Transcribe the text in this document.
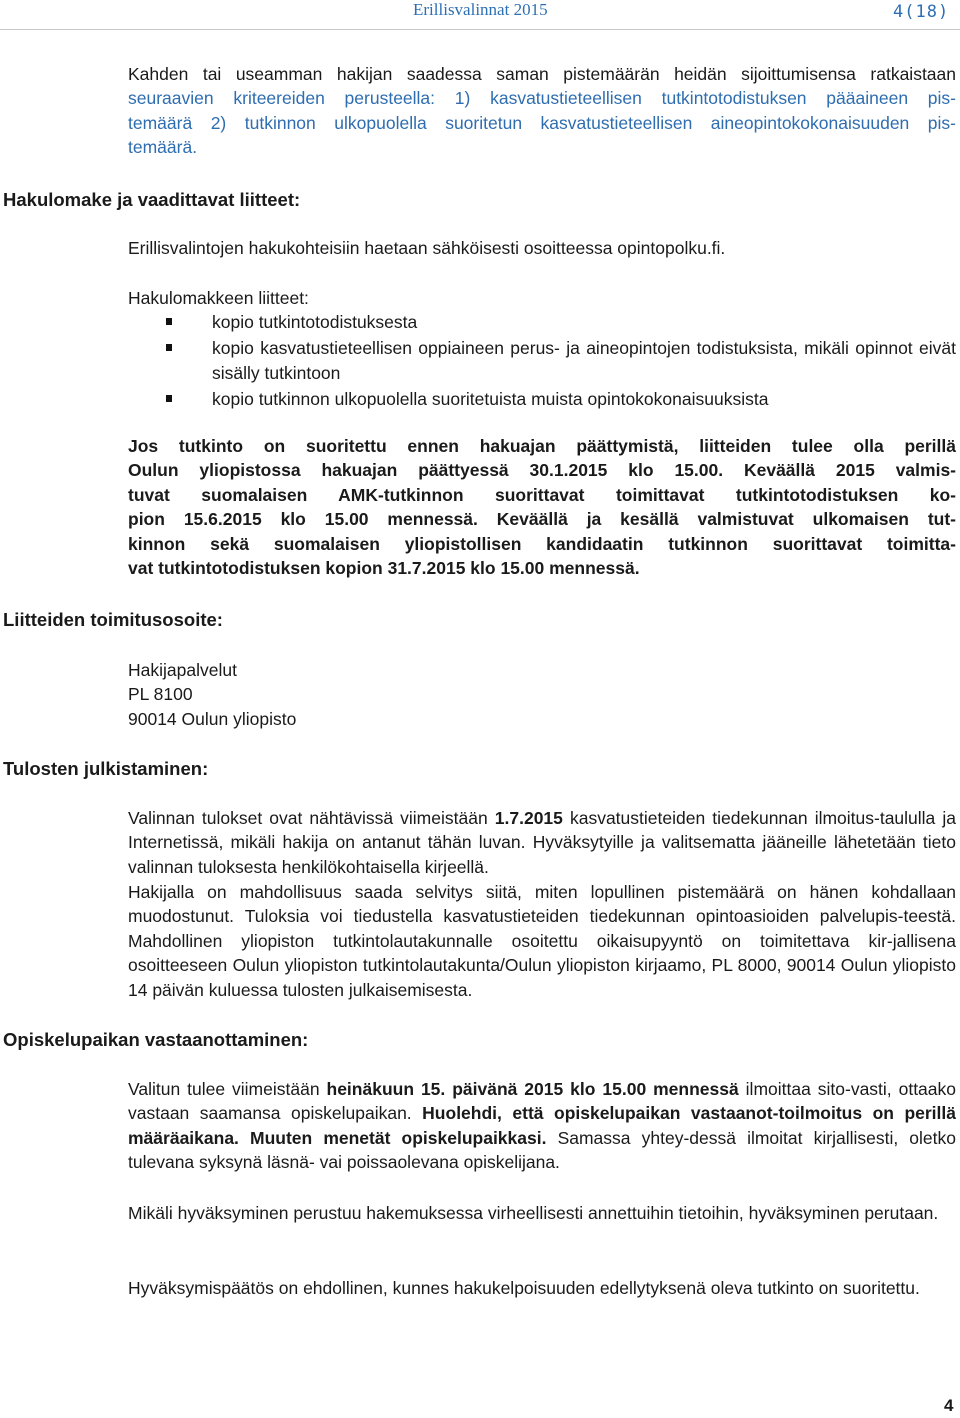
Erillisvalinnat 2015	4(18)
Kahden tai useamman hakijan saadessa saman pistemäärän heidän sijoittumisensa ratkaistaan
seuraavien kriteereiden perusteella: 1) kasvatustieteellisen tutkintotodistuksen pääaineen pis-
temäärä 2) tutkinnon ulkopuolella suoritetun kasvatustieteellisen aineopintokokonaisuuden pis-
temäärä.
Hakulomake ja vaadittavat liitteet:
Erillisvalintojen hakukohteisiin haetaan sähköisesti osoitteessa opintopolku.fi.
Hakulomakkeen liitteet:
kopio tutkintotodistuksesta
kopio kasvatustieteellisen oppiaineen perus- ja aineopintojen todistuksista, mikäli opinnot eivät sisälly tutkintoon
kopio tutkinnon ulkopuolella suoritetuista muista opintokokonaisuuksista
Jos tutkinto on suoritettu ennen hakuajan päättymistä, liitteiden tulee olla perillä
Oulun yliopistossa hakuajan päättyessä 30.1.2015 klo 15.00. Keväällä 2015 valmis-
tuvat suomalaisen AMK-tutkinnon suorittavat toimittavat tutkintotodistuksen ko-
pion 15.6.2015 klo 15.00 mennessä. Keväällä ja kesällä valmistuvat ulkomaisen tut-
kinnon sekä suomalaisen yliopistollisen kandidaatin tutkinnon suorittavat toimitta-
vat tutkintotodistuksen kopion 31.7.2015 klo 15.00 mennessä.
Liitteiden toimitusosoite:
Hakijapalvelut
PL 8100
90014 Oulun yliopisto
Tulosten julkistaminen:
Valinnan tulokset ovat nähtävissä viimeistään 1.7.2015 kasvatustieteiden tiedekunnan ilmoitus-taululla ja Internetissä, mikäli hakija on antanut tähän luvan. Hyväksytyille ja valitsematta jääneille lähetetään tieto valinnan tuloksesta henkilökohtaisella kirjeellä.
Hakijalla on mahdollisuus saada selvitys siitä, miten lopullinen pistemäärä on hänen kohdallaan muodostunut. Tuloksia voi tiedustella kasvatustieteiden tiedekunnan opintoasioiden palvelupis-teestä. Mahdollinen yliopiston tutkintolautakunnalle osoitettu oikaisupyyntö on toimitettava kir-jallisena osoitteeseen Oulun yliopiston tutkintolautakunta/Oulun yliopiston kirjaamo, PL 8000, 90014 Oulun yliopisto 14 päivän kuluessa tulosten julkaisemisesta.
Opiskelupaikan vastaanottaminen:
Valitun tulee viimeistään heinäkuun 15. päivänä 2015 klo 15.00 mennessä ilmoittaa sito-vasti, ottaako vastaan saamansa opiskelupaikan. Huolehdi, että opiskelupaikan vastaanot-toilmoitus on perillä määräaikana. Muuten menetät opiskelupaikkasi. Samassa yhtey-dessä ilmoitat kirjallisesti, oletko tulevana syksynä läsnä- vai poissaolevana opiskelijana.
Mikäli hyväksyminen perustuu hakemuksessa virheellisesti annettuihin tietoihin, hyväksyminen perutaan.
Hyväksymispäätös on ehdollinen, kunnes hakukelpoisuuden edellytyksenä oleva tutkinto on suoritettu.
4
